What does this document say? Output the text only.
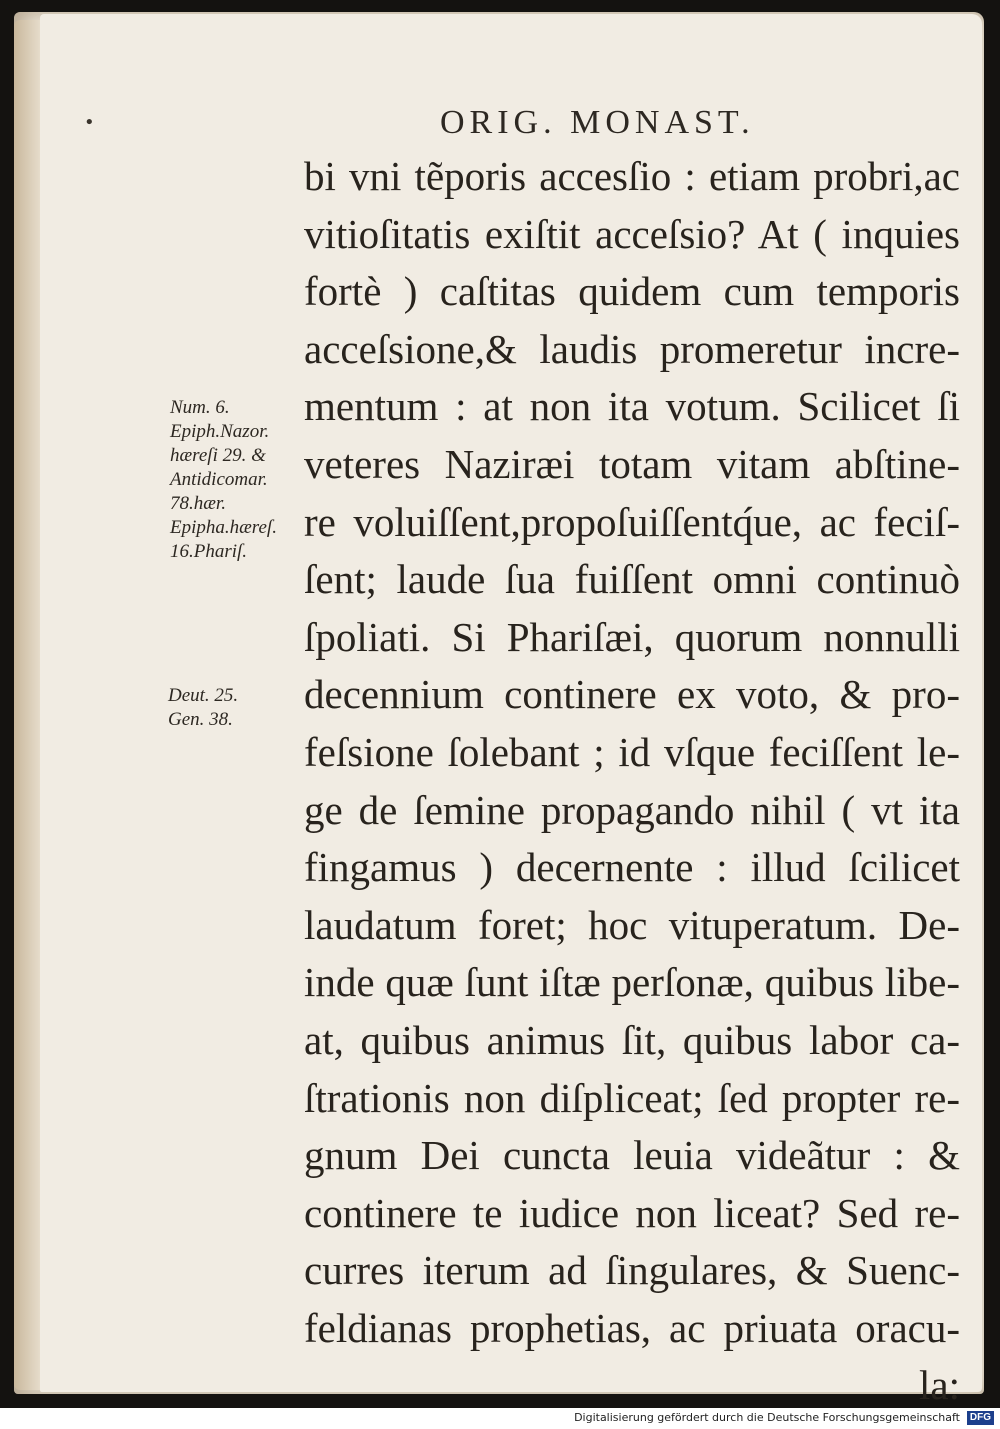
•	ORIG. MONAST.
bi vni tẽporis accesſio : etiam probri,ac
vitioſitatis exiſtit acceſsio? At ( inquies
fortè ) caſtitas quidem cum temporis
acceſsione,& laudis promeretur incre-
mentum : at non ita votum. Scilicet ſi
veteres Naziræi totam vitam abſtine-
re voluiſſent,propoſuiſſentq́ue, ac feciſ-
ſent; laude ſua fuiſſent omni continuò
ſpoliati. Si Phariſæi, quorum nonnulli
decennium continere ex voto, & pro-
feſsione ſolebant ; id vſque feciſſent le-
ge de ſemine propagando nihil ( vt ita
fingamus ) decernente : illud ſcilicet
laudatum foret; hoc vituperatum. De-
inde quæ ſunt iſtæ perſonæ, quibus libe-
at, quibus animus ſit, quibus labor ca-
ſtrationis non diſpliceat; ſed propter re-
gnum Dei cuncta leuia videãtur : &
continere te iudice non liceat? Sed re-
curres iterum ad ſingulares, & Suenc-
feldianas prophetias, ac priuata oracu-
la:
Num. 6.
Epiph.Nazor.
hæreſi 29. &
Antidicomar.
78.hær.
Epipha.hæreſ.
16.Phariſ.
Deut. 25.
Gen. 38.
Digitalisierung gefördert durch die Deutsche Forschungsgemeinschaft DFG
